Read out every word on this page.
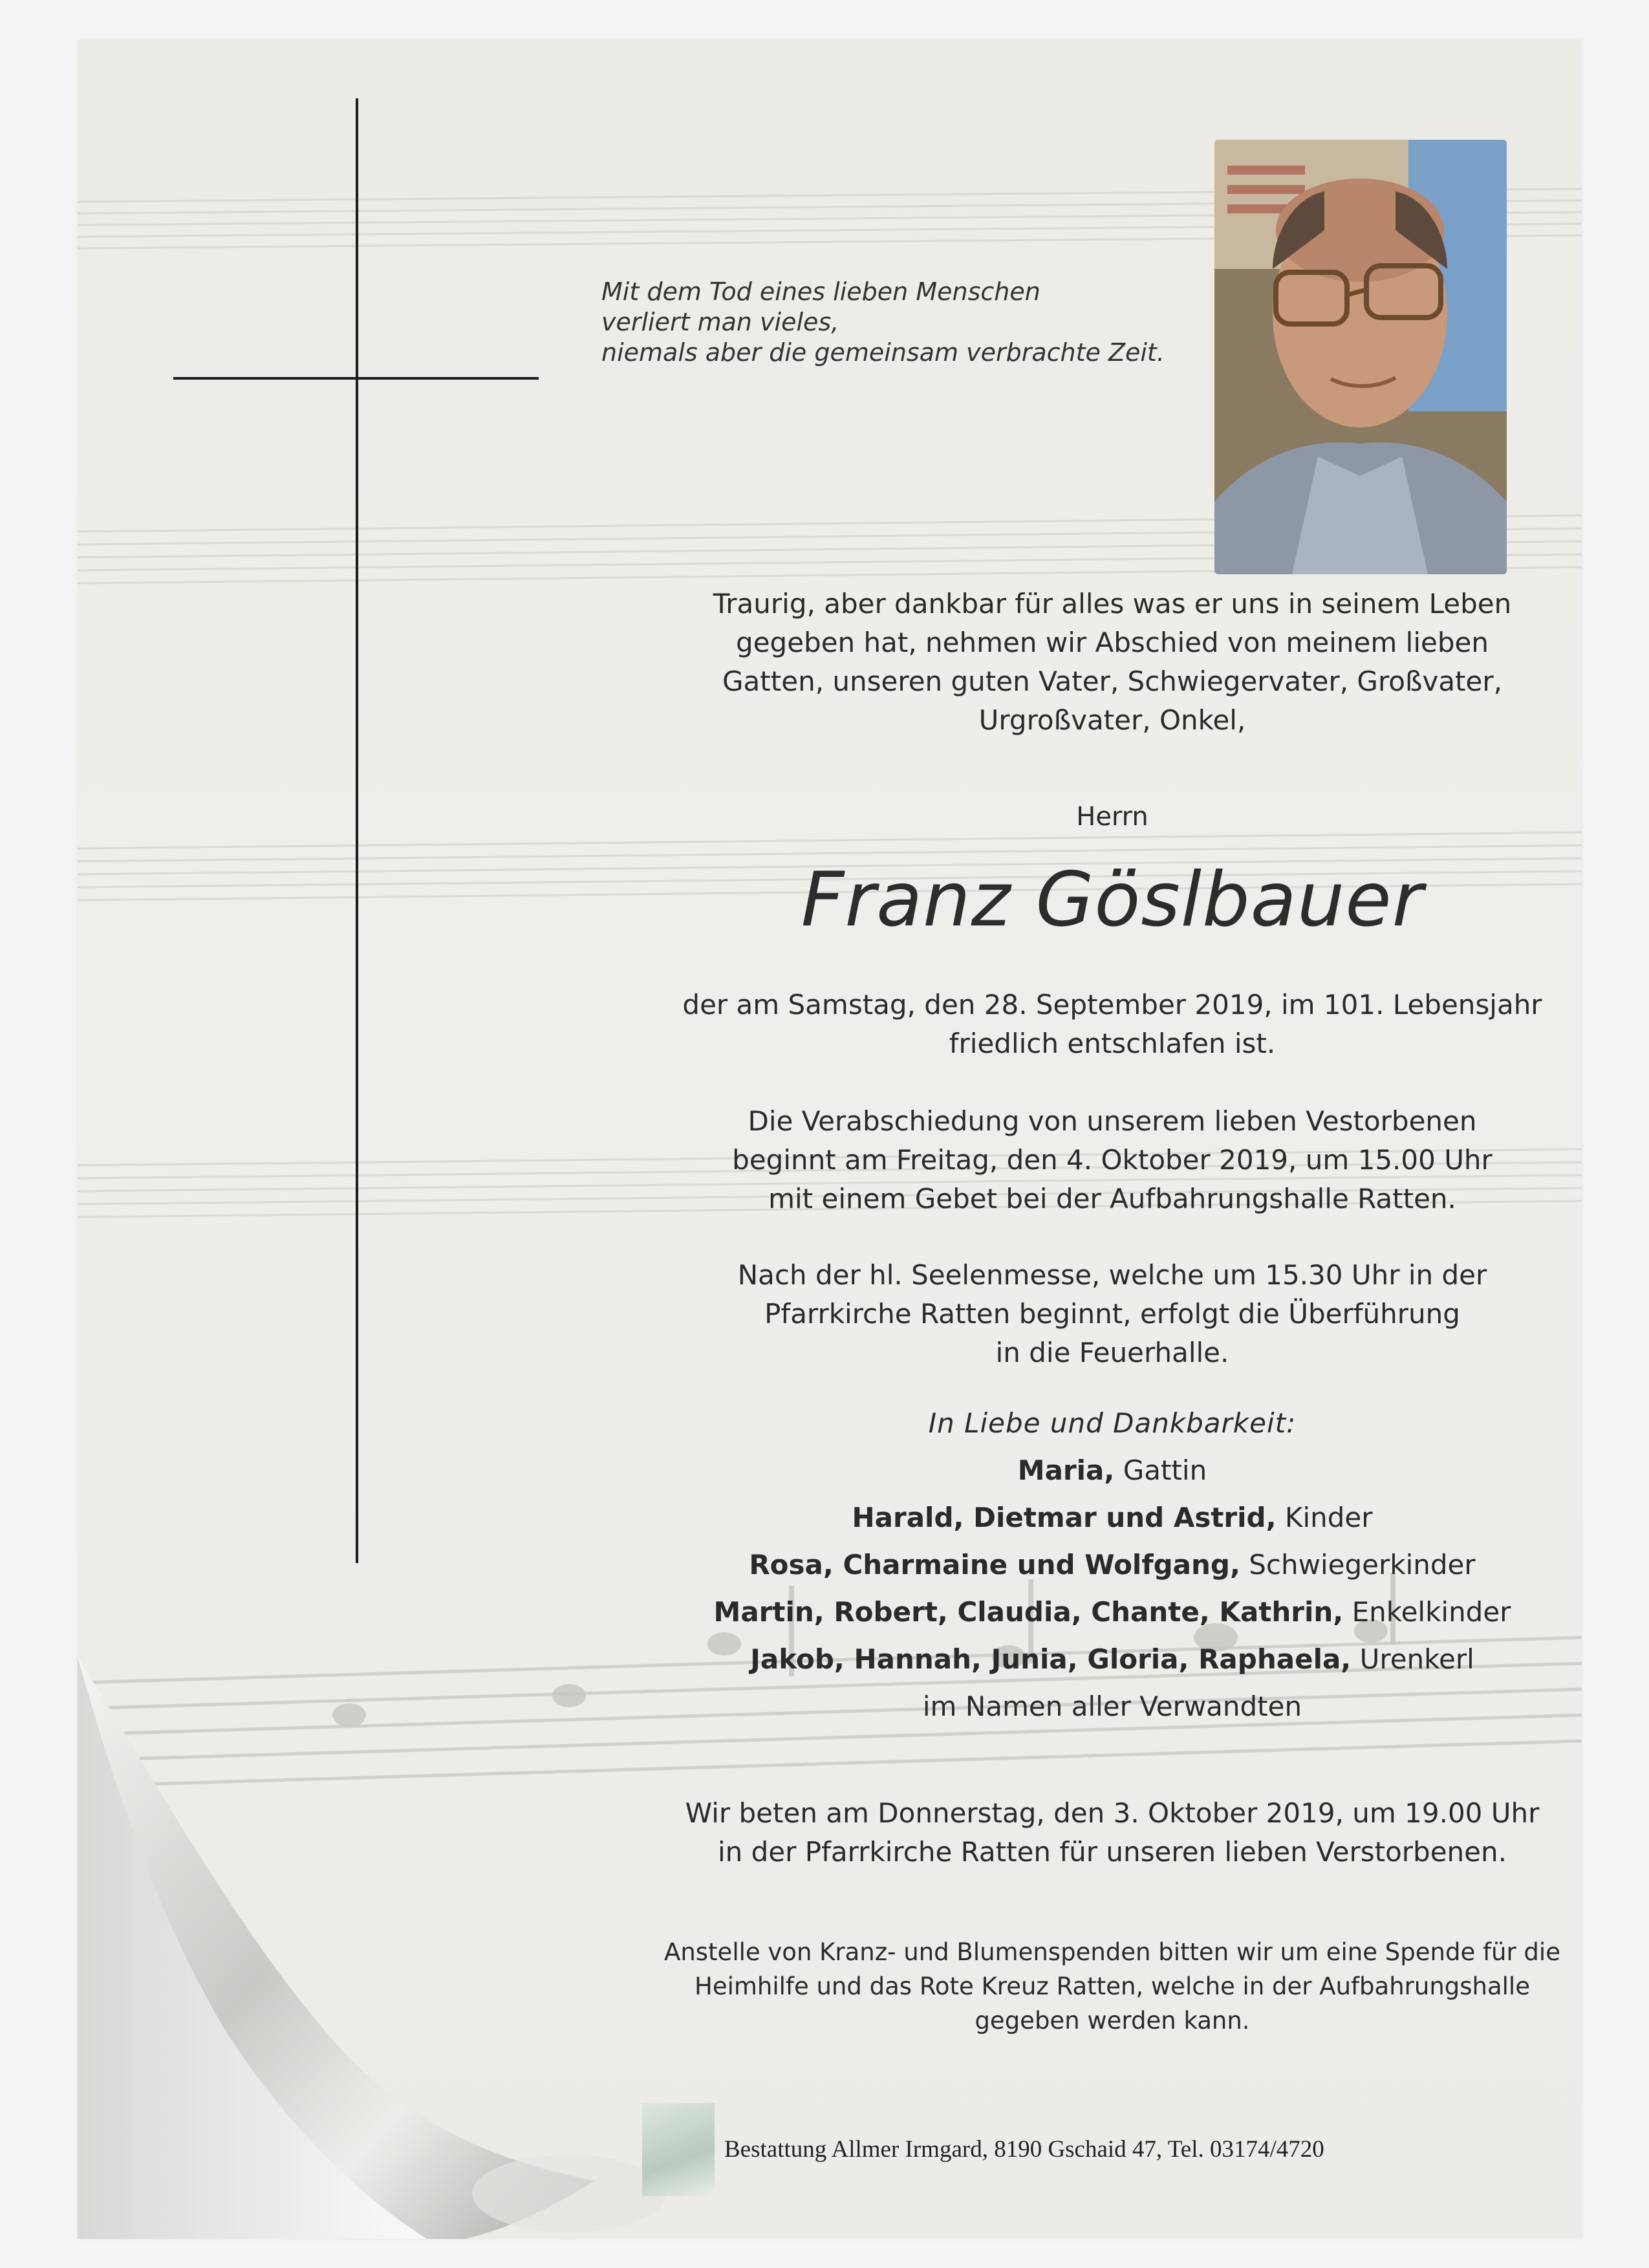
Mit dem Tod eines lieben Menschen
verliert man vieles,
niemals aber die gemeinsam verbrachte Zeit.
Traurig, aber dankbar für alles was er uns in seinem Leben
gegeben hat, nehmen wir Abschied von meinem lieben
Gatten, unseren guten Vater, Schwiegervater, Großvater,
Urgroßvater, Onkel,
Herrn
Franz Göslbauer
der am Samstag, den 28. September 2019, im 101. Lebensjahr
friedlich entschlafen ist.
Die Verabschiedung von unserem lieben Vestorbenen
beginnt am Freitag, den 4. Oktober 2019, um 15.00 Uhr
mit einem Gebet bei der Aufbahrungshalle Ratten.
Nach der hl. Seelenmesse, welche um 15.30 Uhr in der
Pfarrkirche Ratten beginnt, erfolgt die Überführung
in die Feuerhalle.
In Liebe und Dankbarkeit:
Maria, Gattin
Harald, Dietmar und Astrid, Kinder
Rosa, Charmaine und Wolfgang, Schwiegerkinder
Martin, Robert, Claudia, Chante, Kathrin, Enkelkinder
Jakob, Hannah, Junia, Gloria, Raphaela, Urenkerl
im Namen aller Verwandten
Wir beten am Donnerstag, den 3. Oktober 2019, um 19.00 Uhr
in der Pfarrkirche Ratten für unseren lieben Verstorbenen.
Anstelle von Kranz- und Blumenspenden bitten wir um eine Spende für die
Heimhilfe und das Rote Kreuz Ratten, welche in der Aufbahrungshalle
gegeben werden kann.
Bestattung Allmer Irmgard, 8190 Gschaid 47, Tel. 03174/4720
